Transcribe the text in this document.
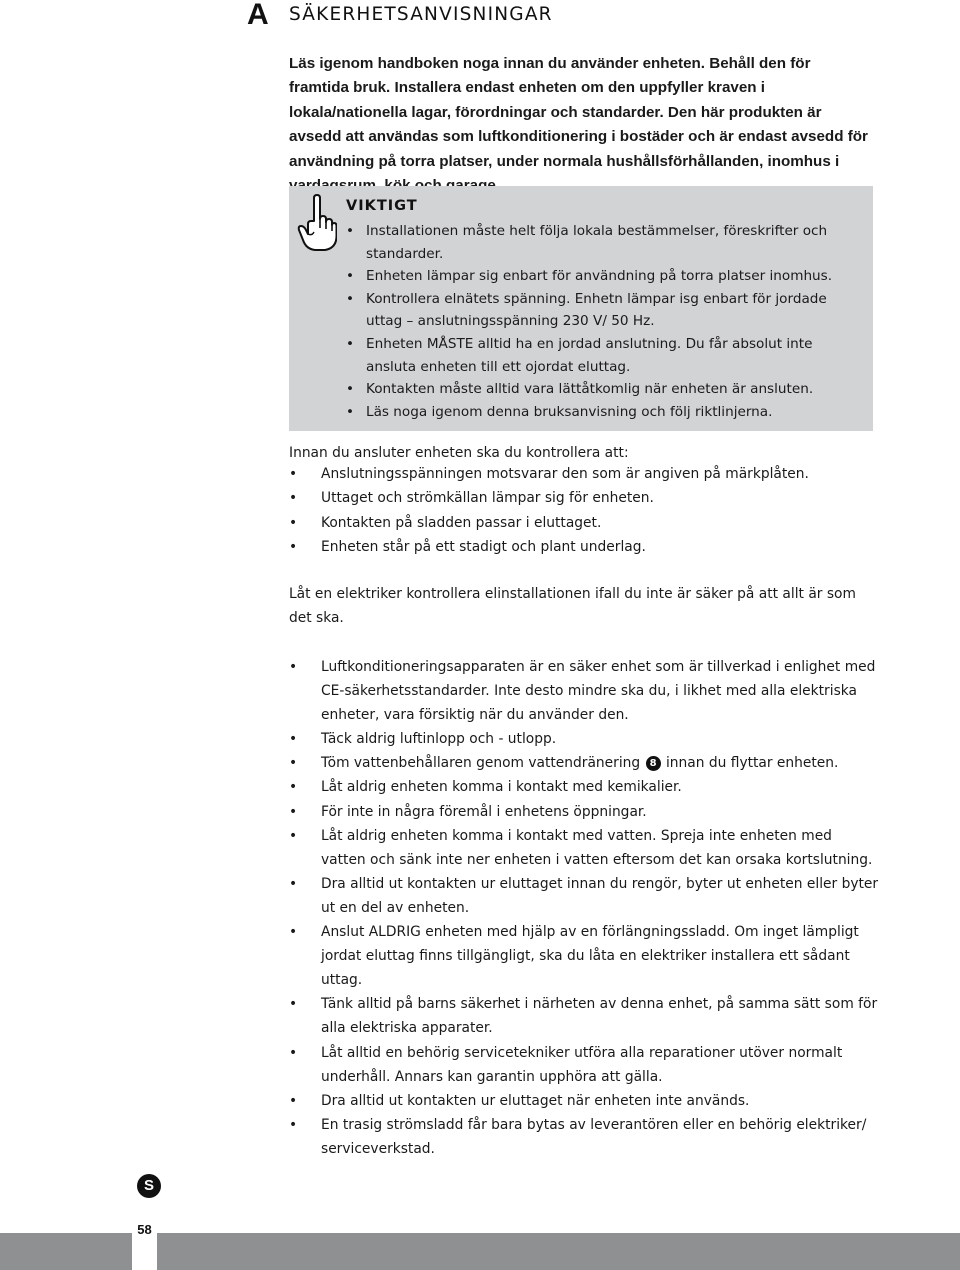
A SÄKERHETSANVISNINGAR

Läs igenom handboken noga innan du använder enheten. Behåll den för framtida bruk. Installera endast enheten om den uppfyller kraven i lokala/nationella lagar, förordningar och standarder. Den här produkten är avsedd att användas som luftkonditionering i bostäder och är endast avsedd för användning på torra platser, under normala hushållsförhållanden, inomhus i

VIKTIGT
• Installationen måste helt följa lokala bestämmelser, föreskrifter och standarder.
• Enheten lämpar sig enbart för användning på torra platser inomhus.
• Kontrollera elnätets spänning. Enhetn lämpar isg enbart för jordade uttag – anslutningsspänning 230 V/ 50 Hz.
• Enheten MÅSTE alltid ha en jordad anslutning. Du får absolut inte ansluta enheten till ett ojordat eluttag.
• Kontakten måste alltid vara lättåtkomlig när enheten är ansluten.
• Läs noga igenom denna bruksanvisning och följ riktlinjerna.
Innan du ansluter enheten ska du kontrollera att:
• Anslutningsspänningen motsvarar den som är angiven på märkplåten.
• Uttaget och strömkällan lämpar sig för enheten.
• Kontakten på sladden passar i eluttaget.
• Enheten står på ett stadigt och plant underlag.

Låt en elektriker kontrollera elinstallationen ifall du inte är säker på att allt är som det ska.

• Luftkonditioneringsapparaten är en säker enhet som är tillverkad i enlighet med CE-säkerhetsstandarder. Inte desto mindre ska du, i likhet med alla elektriska enheter, vara försiktig när du använder den.
• Täck aldrig luftinlopp och - utlopp.
• Töm vattenbehållaren genom vattendränering 8 innan du flyttar enheten.
• Låt aldrig enheten komma i kontakt med kemikalier.
• För inte in några föremål i enhetens öppningar.
• Låt aldrig enheten komma i kontakt med vatten. Spreja inte enheten med vatten och sänk inte ner enheten i vatten eftersom det kan orsaka kortslutning.
• Dra alltid ut kontakten ur eluttaget innan du rengör, byter ut enheten eller byter ut en del av enheten.
• Anslut ALDRIG enheten med hjälp av en förlängningssladd. Om inget lämpligt jordat eluttag finns tillgängligt, ska du låta en elektriker installera ett sådant uttag.
• Tänk alltid på barns säkerhet i närheten av denna enhet, på samma sätt som för alla elektriska apparater.
• Låt alltid en behörig servicetekniker utföra alla reparationer utöver normalt underhåll. Annars kan garantin upphöra att gälla.
• Dra alltid ut kontakten ur eluttaget när enheten inte används.
• En trasig strömsladd får bara bytas av leverantören eller en behörig elektriker/ serviceverkstad.
S
58
